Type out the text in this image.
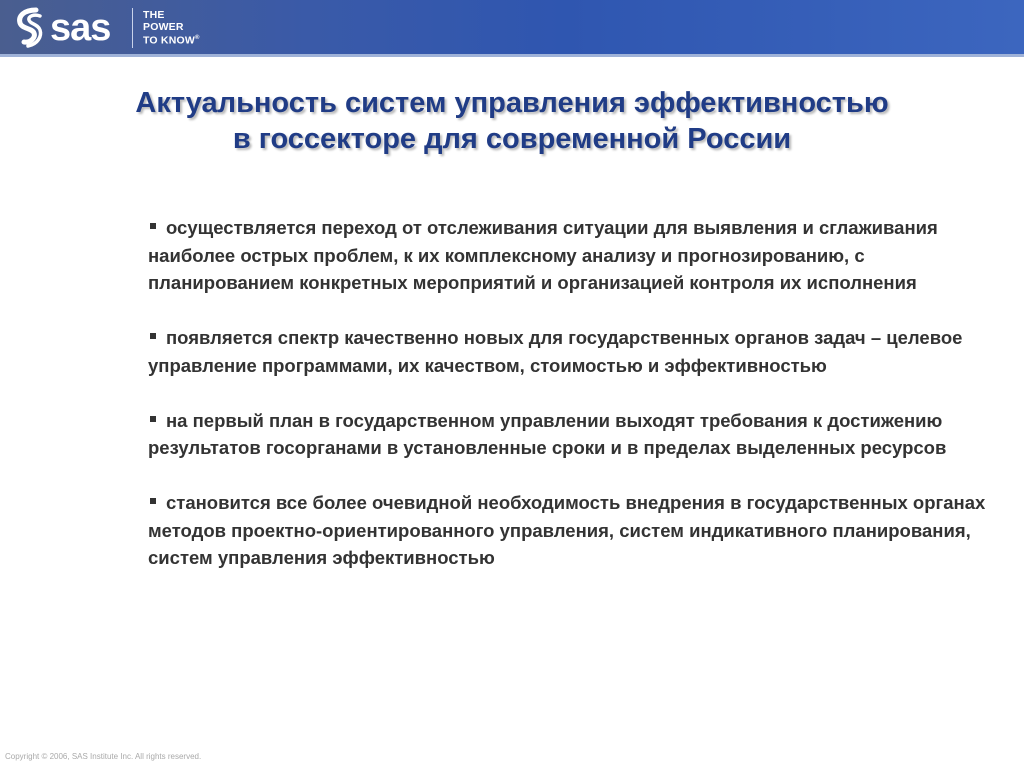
sas	THE
POWER
TO KNOW®
Актуальность систем управления эффективностью
в госсекторе для современной России
осуществляется переход от отслеживания ситуации для выявления и сглаживания наиболее острых проблем, к их комплексному анализу и прогнозированию, с планированием конкретных мероприятий и организацией контроля их исполнения
появляется спектр качественно новых для государственных органов задач – целевое управление программами, их качеством, стоимостью и эффективностью
на первый план в государственном управлении выходят требования к достижению результатов госорганами в установленные сроки и в пределах выделенных ресурсов
становится все более очевидной необходимость внедрения в государственных органах методов проектно-ориентированного управления, систем индикативного планирования, систем управления эффективностью
Copyright © 2006, SAS Institute Inc. All rights reserved.
